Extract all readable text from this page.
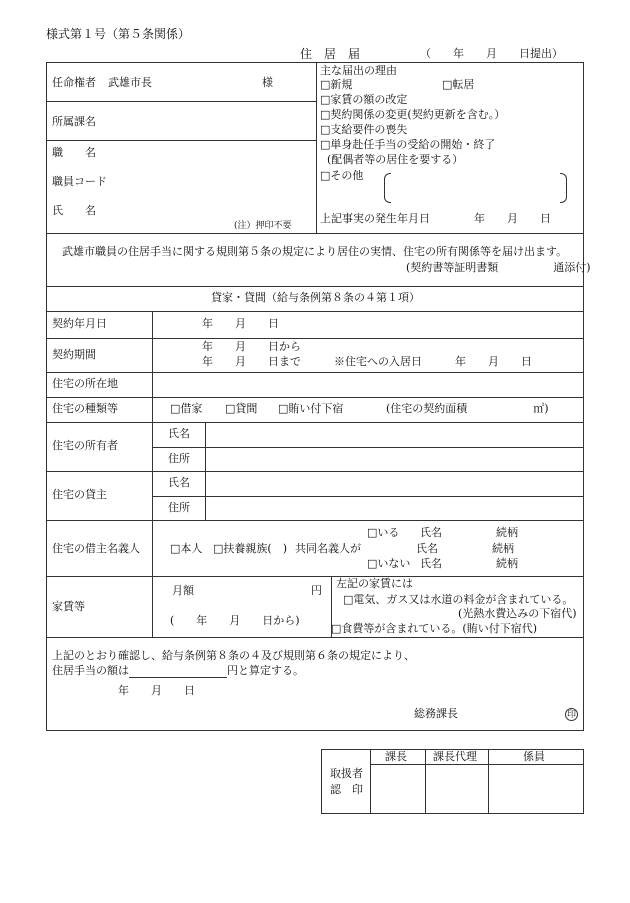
様式第１号（第５条関係）
住　居　届	（　　年　　月　　日提出）
任命権者 武雄市長	様
所属課名
職　　名
職員コード
氏　　名
(注）押印不要
主な届出の理由
□ 新規	□ 転居
□ 家賃の額の改定
□ 契約関係の変更(契約更新を含む。）
□ 支給要件の喪失
□ 単身赴任手当の受給の開始・終了
(配偶者等の居住を要する）
□ その他
上記事実の発生年月日	年　　月　　日
武雄市職員の住居手当に関する規則第５条の規定により居住の実情、住宅の所有関係等を届け出ます。
(契約書等証明書類　　　　　通添付)
貸家・貸間（給与条例第８条の４第１項）
契約年月日	年　　月　　日
契約期間
年　　月　　日から
年　　月　　日まで	※住宅への入居日　　　年　　月　　日
住宅の所在地
住宅の種類等	□ 借家	□ 貸間	□ 賄い付下宿	(住宅の契約面積　　　　　　㎡)
住宅の所有者
氏名
住所
住宅の貸主
氏名
住所
住宅の借主名義人	□ 本人	□ 扶養親族(　) 共同名義人が
□ いる 氏名	続柄
氏名	続柄
□ いない 氏名	続柄
家賃等
月額	円
(　　年　　月　　日から)
左記の家賃には
□ 電気、ガス又は水道の料金が含まれている。
(光熱水費込みの下宿代)
□ 食費等が含まれている。(賄い付下宿代)
上記のとおり確認し、給与条例第８条の４及び規則第６条の規定により、
住居手当の額は	円と算定する。
年　　月　　日
総務課長	印
取扱者
認　印
課長 課長代理	係員
